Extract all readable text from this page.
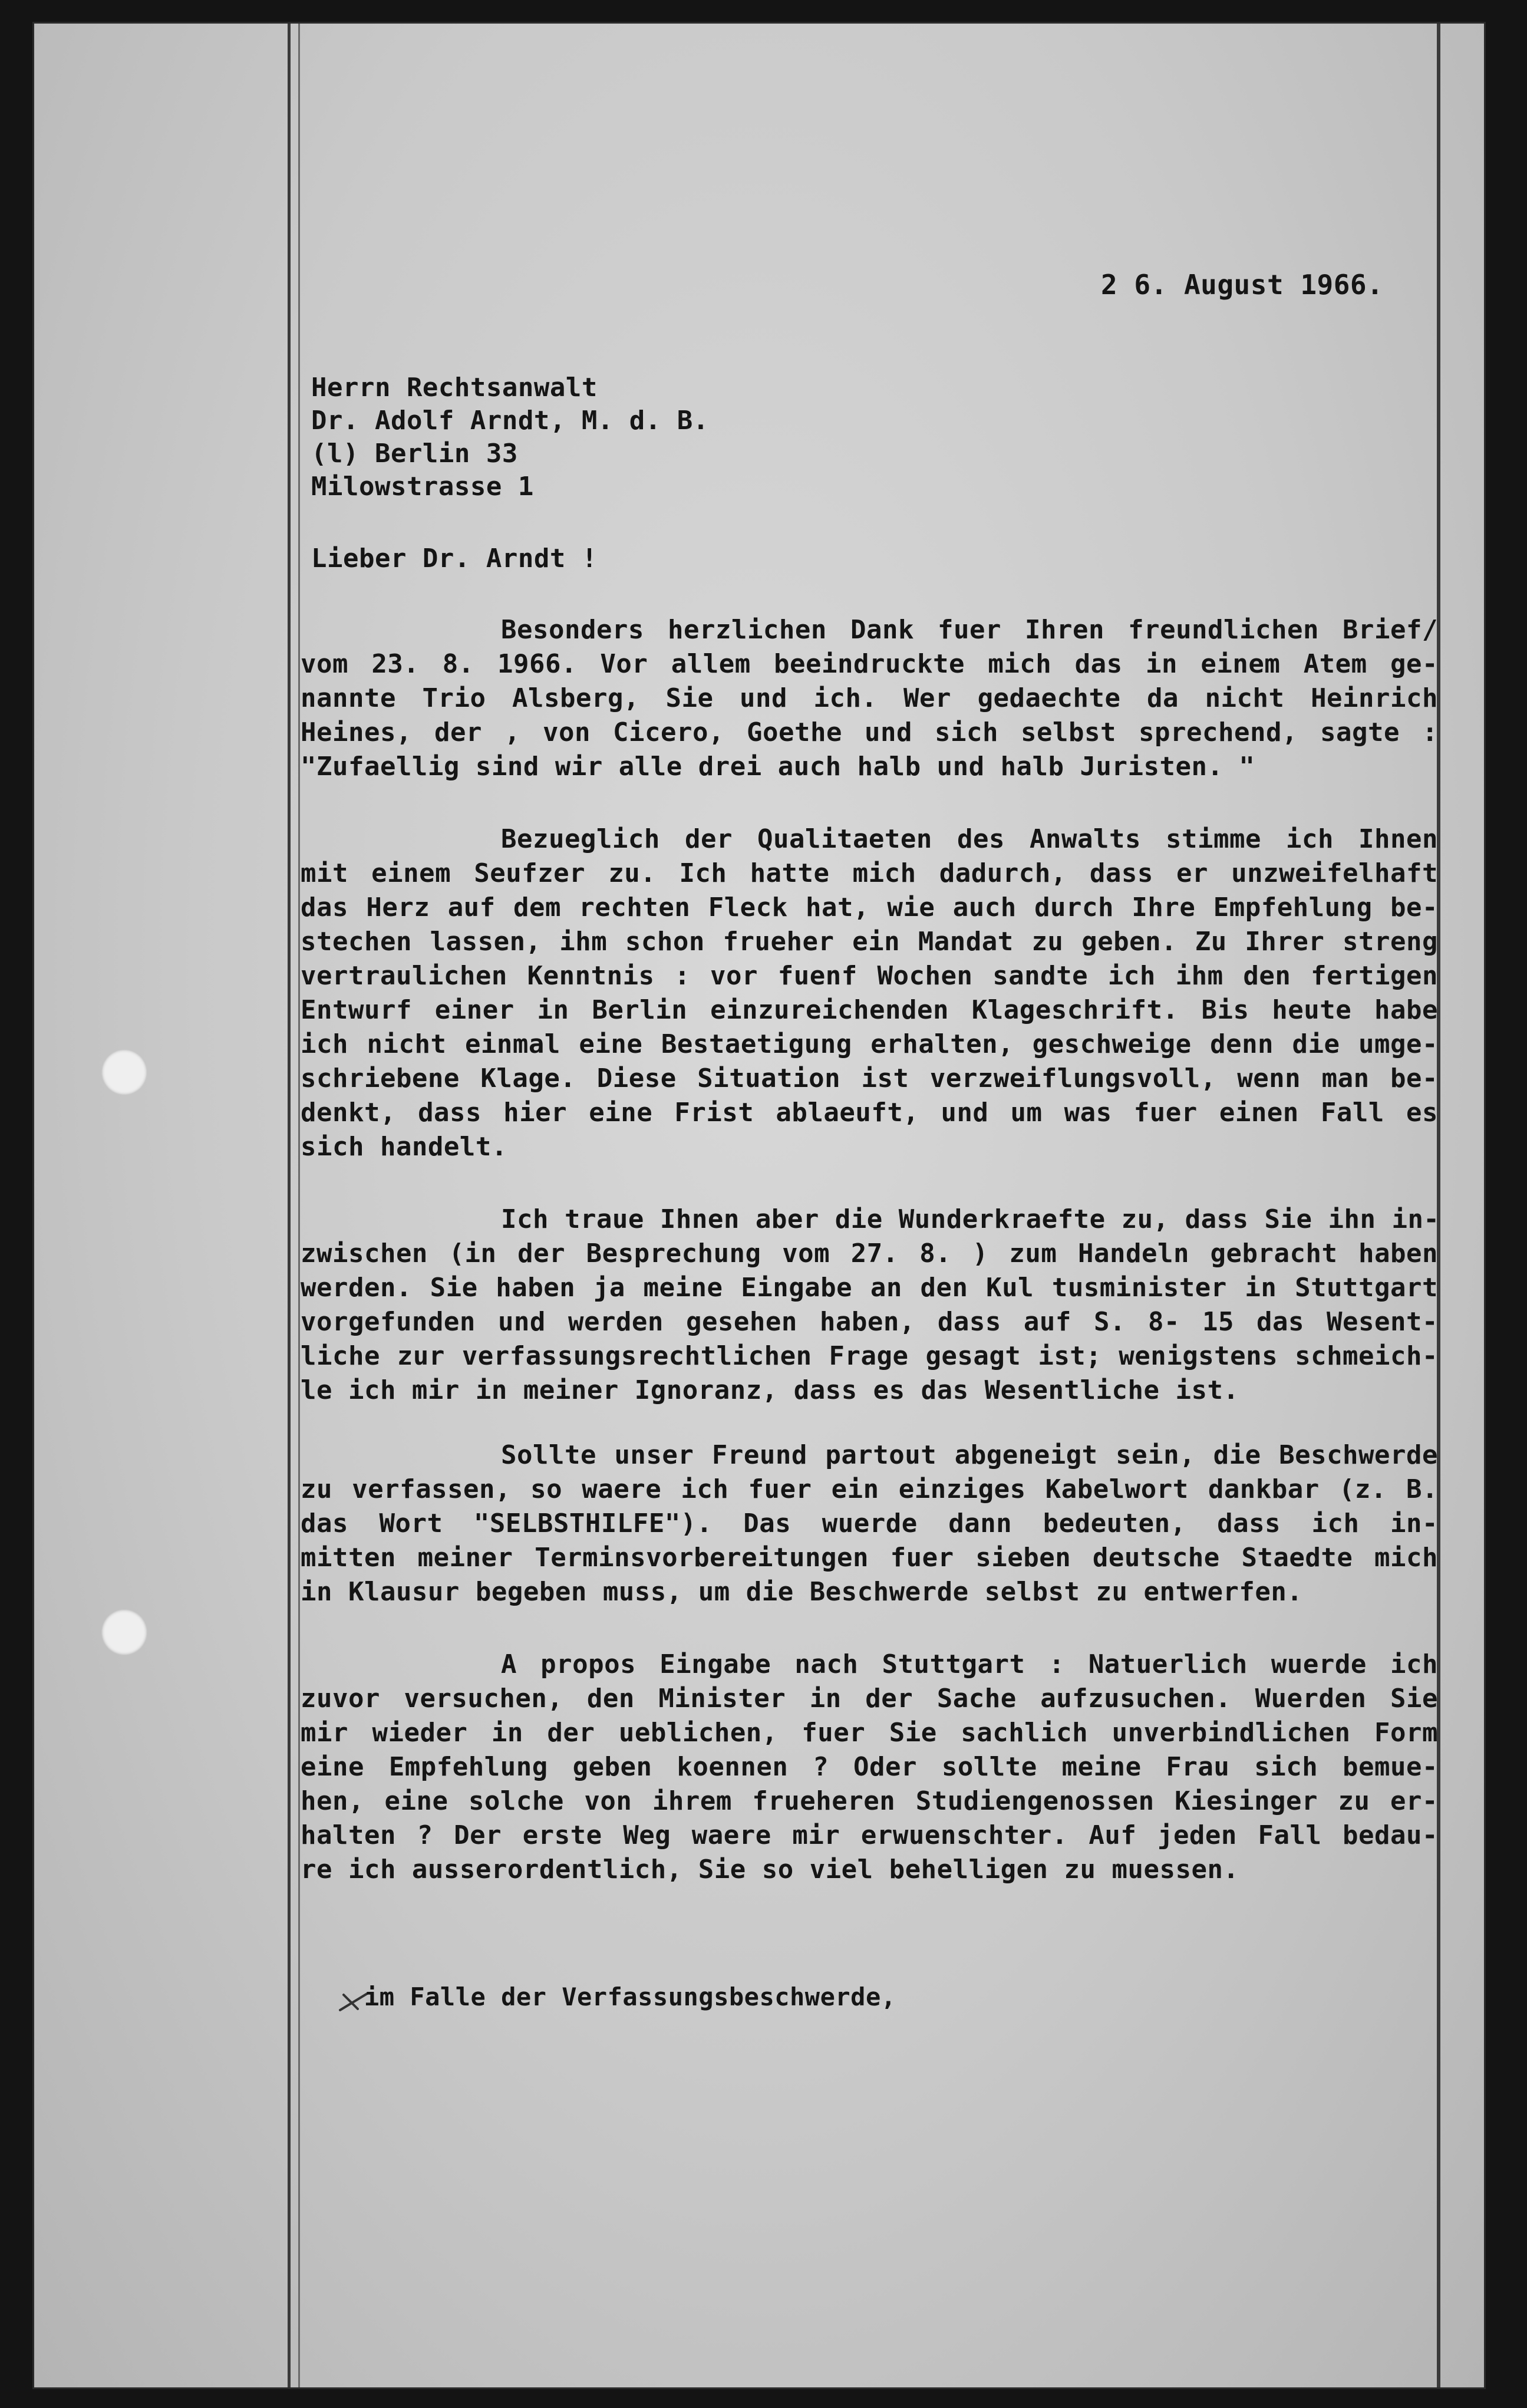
2 6. August 1966.
Herrn Rechtsanwalt
Dr. Adolf Arndt, M. d. B.
(l) Berlin 33
Milowstrasse 1
Lieber Dr. Arndt !
Besonders herzlichen Dank fuer Ihren freundlichen Brief/
vom 23. 8. 1966. Vor allem beeindruckte mich das in einem Atem ge-
nannte Trio Alsberg, Sie und ich. Wer gedaechte da nicht Heinrich
Heines, der , von Cicero, Goethe und sich selbst sprechend, sagte :
"Zufaellig sind wir alle drei auch halb und halb Juristen. "
Bezueglich der Qualitaeten des Anwalts stimme ich Ihnen
mit einem Seufzer zu. Ich hatte mich dadurch, dass er unzweifelhaft
das Herz auf dem rechten Fleck hat, wie auch durch Ihre Empfehlung be-
stechen lassen, ihm schon frueher ein Mandat zu geben. Zu Ihrer streng
vertraulichen Kenntnis : vor fuenf Wochen sandte ich ihm den fertigen
Entwurf einer in Berlin einzureichenden Klageschrift. Bis heute habe
ich nicht einmal eine Bestaetigung erhalten, geschweige denn die umge-
schriebene Klage. Diese Situation ist verzweiflungsvoll, wenn man be-
denkt, dass hier eine Frist ablaeuft, und um was fuer einen Fall es
sich handelt.
Ich traue Ihnen aber die Wunderkraefte zu, dass Sie ihn in-
zwischen (in der Besprechung vom 27. 8. ) zum Handeln gebracht haben
werden. Sie haben ja meine Eingabe an den Kul tusminister in Stuttgart
vorgefunden und werden gesehen haben, dass auf S. 8- 15 das Wesent-
liche zur verfassungsrechtlichen Frage gesagt ist; wenigstens schmeich-
le ich mir in meiner Ignoranz, dass es das Wesentliche ist.
Sollte unser Freund partout abgeneigt sein, die Beschwerde
zu verfassen, so waere ich fuer ein einziges Kabelwort dankbar (z. B.
das Wort "SELBSTHILFE"). Das wuerde dann bedeuten, dass ich in-
mitten meiner Terminsvorbereitungen fuer sieben deutsche Staedte mich
in Klausur begeben muss, um die Beschwerde selbst zu entwerfen.
A propos Eingabe nach Stuttgart : Natuerlich wuerde ich
zuvor versuchen, den Minister in der Sache aufzusuchen. Wuerden Sie
mir wieder in der ueblichen, fuer Sie sachlich unverbindlichen Form
eine Empfehlung geben koennen ? Oder sollte meine Frau sich bemue-
hen, eine solche von ihrem frueheren Studiengenossen Kiesinger zu er-
halten ? Der erste Weg waere mir erwuenschter. Auf jeden Fall bedau-
re ich ausserordentlich, Sie so viel behelligen zu muessen.
im Falle der Verfassungsbeschwerde,
